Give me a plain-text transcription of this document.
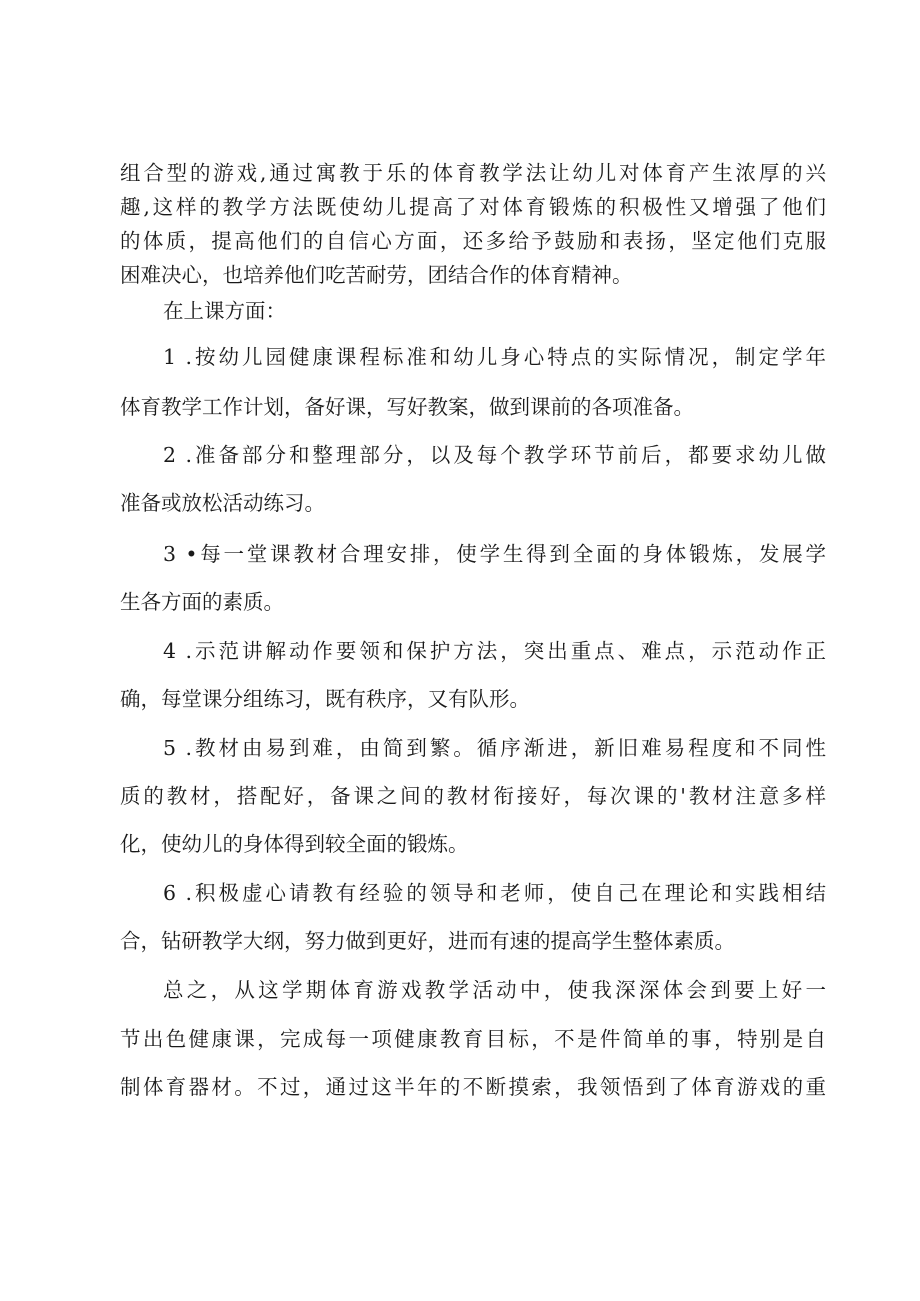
组合型的游戏,通过寓教于乐的体育教学法让幼儿对体育产生浓厚的兴
趣,这样的教学方法既使幼儿提高了对体育锻炼的积极性又增强了他们
的体质，提高他们的自信心方面，还多给予鼓励和表扬，坚定他们克服
困难决心，也培养他们吃苦耐劳，团结合作的体育精神。
在上课方面：
1 .按幼儿园健康课程标准和幼儿身心特点的实际情况，制定学年
体育教学工作计划，备好课，写好教案，做到课前的各项准备。
2 .准备部分和整理部分，以及每个教学环节前后，都要求幼儿做
准备或放松活动练习。
3 •每一堂课教材合理安排，使学生得到全面的身体锻炼，发展学
生各方面的素质。
4 .示范讲解动作要领和保护方法，突出重点、难点，示范动作正
确，每堂课分组练习，既有秩序，又有队形。
5 .教材由易到难，由简到繁。循序渐进，新旧难易程度和不同性
质的教材，搭配好，备课之间的教材衔接好，每次课的'教材注意多样
化，使幼儿的身体得到较全面的锻炼。
6 .积极虚心请教有经验的领导和老师，使自己在理论和实践相结
合，钻研教学大纲，努力做到更好，进而有速的提高学生整体素质。
总之，从这学期体育游戏教学活动中，使我深深体会到要上好一
节出色健康课，完成每一项健康教育目标，不是件简单的事，特别是自
制体育器材。不过，通过这半年的不断摸索，我领悟到了体育游戏的重
